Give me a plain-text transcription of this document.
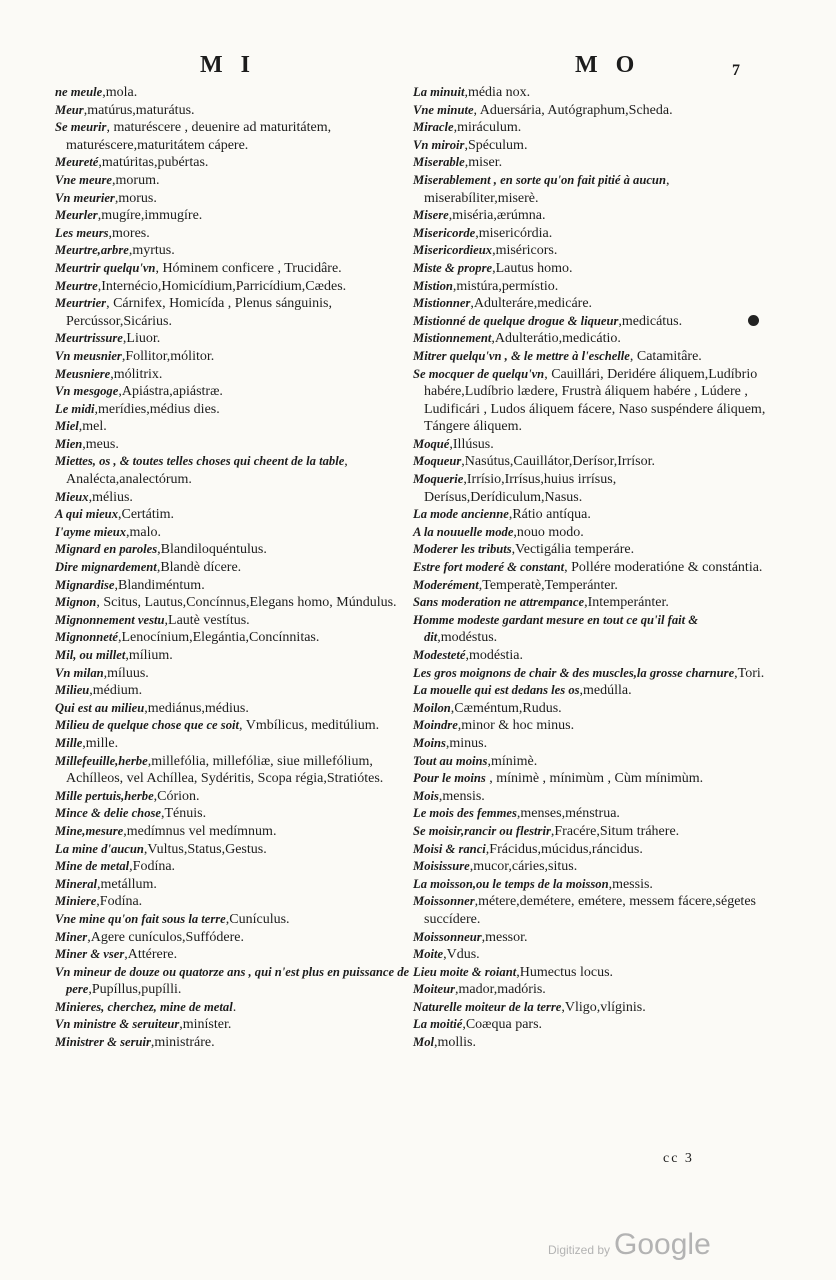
M I	M O	7

ne meule,mola.

Meur,matúrus,maturátus.

Se meurir, maturéscere , deuenire ad maturitátem, maturéscere,maturitátem cápere.

Meureté,matúritas,pubértas.

Vne meure,morum.

Vn meurier,morus.

Meurler,mugíre,immugíre.

Les meurs,mores.

Meurtre,arbre,myrtus.

Meurtrir quelqu'vn, Hóminem conficere , Trucidâre.

Meurtre,Internécio,Homicídium,Parricídium,Cædes.

Meurtrier, Cárnifex, Homicída , Plenus sánguinis, Percússor,Sicárius.

Meurtrissure,Liuor.

Vn meusnier,Follitor,mólitor.

Meusniere,mólitrix.

Vn mesgoge,Apiástra,apiástræ.

Le midi,merídies,médius dies.

Miel,mel.

Mien,meus.

Miettes, os , & toutes telles choses qui cheent de la table, Analécta,analectórum.

Mieux,mélius.

A qui mieux,Certátim.

I'ayme mieux,malo.

Mignard en paroles,Blandiloquéntulus.

Dire mignardement,Blandè dícere.

Mignardise,Blandiméntum.

Mignon, Scitus, Lautus,Concínnus,Elegans homo, Múndulus.

Mignonnement vestu,Lautè vestítus.

Mignonneté,Lenocínium,Elegántia,Concínnitas.

Mil, ou millet,mílium.

Vn milan,míluus.

Milieu,médium.

Qui est au milieu,mediánus,médius.

Milieu de quelque chose que ce soit, Vmbílicus, meditúlium.

Mille,mille.

Millefeuille,herbe,millefólia, millefóliæ, siue millefólium, Achílleos, vel Achíllea, Sydéritis, Scopa régia,Stratiótes.

Mille pertuis,herbe,Córion.

Mince & delie chose,Ténuis.

Mine,mesure,medímnus vel medímnum.

La mine d'aucun,Vultus,Status,Gestus.

Mine de metal,Fodína.

Mineral,metállum.

Miniere,Fodína.

Vne mine qu'on fait sous la terre,Cunículus.

Miner,Agere cunículos,Suffódere.

Miner & vser,Attérere.

Vn mineur de douze ou quatorze ans , qui n'est plus en puissance de pere,Pupíllus,pupílli.

Minieres, cherchez, mine de metal.

Vn ministre & seruiteur,miníster.

Ministrer & seruir,ministráre.

La minuit,média nox.

Vne minute, Aduersária, Autógraphum,Scheda.

Miracle,miráculum.

Vn miroir,Spéculum.

Miserable,miser.

Miserablement , en sorte qu'on fait pitié à aucun, miserabíliter,miserè.

Misere,miséria,ærúmna.

Misericorde,misericórdia.

Misericordieux,miséricors.

Miste & propre,Lautus homo.

Mistion,mistúra,permístio.

Mistionner,Adulteráre,medicáre.

Mistionné de quelque drogue & liqueur,medicátus.

Mistionnement,Adulterátio,medicátio.

Mitrer quelqu'vn , & le mettre à l'eschelle, Catamitâre.

Se mocquer de quelqu'vn, Cauillári, Deridére áliquem,Ludíbrio habére,Ludíbrio lædere, Frustrà áliquem habére , Lúdere , Ludificári , Ludos áliquem fácere, Naso suspéndere áliquem, Tángere áliquem.

Moqué,Illúsus.

Moqueur,Nasútus,Cauillátor,Derísor,Irrísor.

Moquerie,Irrísio,Irrísus,huius irrísus, Derísus,Derídiculum,Nasus.

La mode ancienne,Rátio antíqua.

A la nouuelle mode,nouo modo.

Moderer les tributs,Vectigália temperáre.

Estre fort moderé & constant, Pollére moderatióne & constántia.

Moderément,Temperatè,Temperánter.

Sans moderation ne attrempance,Intemperánter.

Homme modeste gardant mesure en tout ce qu'il fait & dit,modéstus.

Modesteté,modéstia.

Les gros moignons de chair & des muscles,la grosse charnure,Tori.

La mouelle qui est dedans les os,medúlla.

Moilon,Cæméntum,Rudus.

Moindre,minor & hoc minus.

Moins,minus.

Tout au moins,mínimè.

Pour le moins , mínimè , mínimùm , Cùm mínimùm.

Mois,mensis.

Le mois des femmes,menses,ménstrua.

Se moisir,rancir ou flestrir,Fracére,Situm tráhere.

Moisi & ranci,Frácidus,múcidus,ráncidus.

Moisissure,mucor,cáries,situs.

La moisson,ou le temps de la moisson,messis.

Moissonner,métere,demétere, emétere, messem fácere,ségetes succídere.

Moissonneur,messor.

Moite,Vdus.

Lieu moite & roiant,Humectus locus.

Moiteur,mador,madóris.

Naturelle moiteur de la terre,Vligo,vlíginis.

La moitié,Coæqua pars.

Mol,mollis.

cc 3
Digitized by Google
